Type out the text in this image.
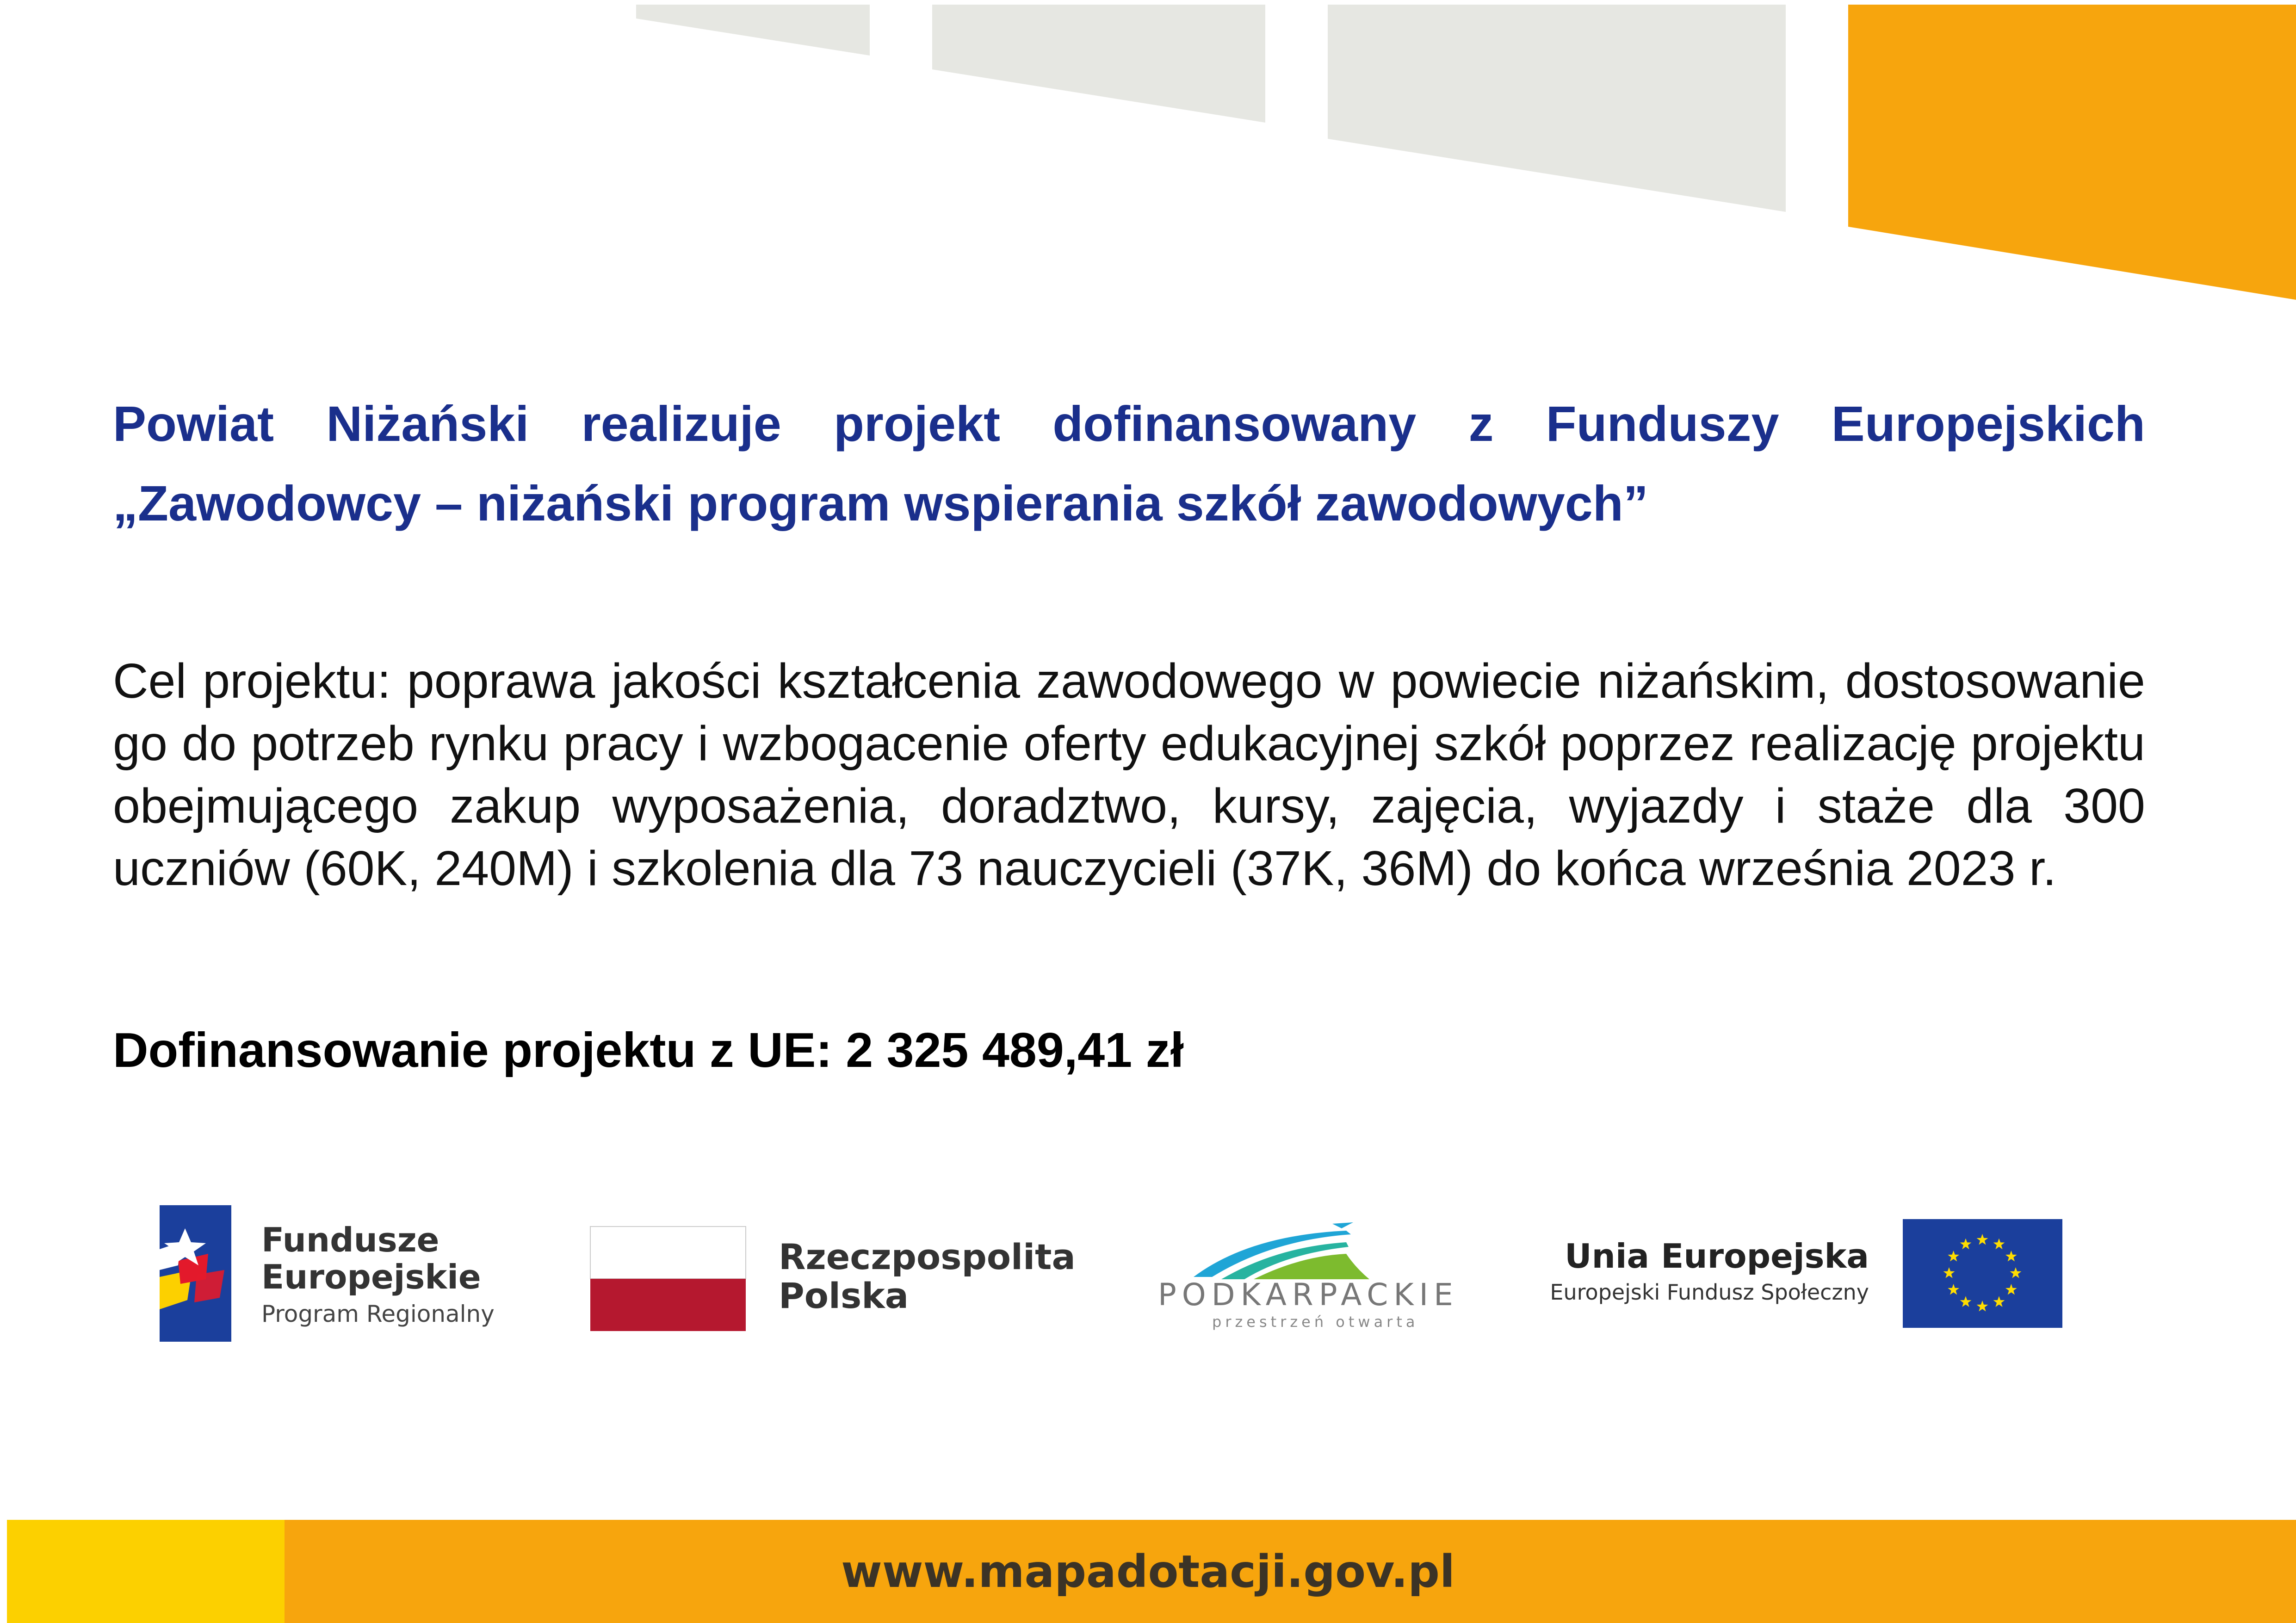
Powiat Niżański realizuje projekt dofinansowany z Funduszy Europejskich
„Zawodowcy – niżański program wspierania szkół zawodowych”

Cel projektu: poprawa jakości kształcenia zawodowego w powiecie niżańskim, dostosowanie go do potrzeb rynku pracy i wzbogacenie oferty edukacyjnej szkół poprzez realizację projektu obejmującego zakup wyposażenia, doradztwo, kursy, zajęcia, wyjazdy i staże dla 300 uczniów (60K, 240M) i szkolenia dla 73 nauczycieli (37K, 36M) do końca września 2023 r.

Dofinansowanie projektu z UE: 2 325 489,41 zł

Fundusze
Europejskie
Program Regionalny
Rzeczpospolita
Polska	PODKARPACKIE
przestrzeń otwarta
Unia Europejska
Europejski Fundusz Społeczny
www.mapadotacji.gov.pl
